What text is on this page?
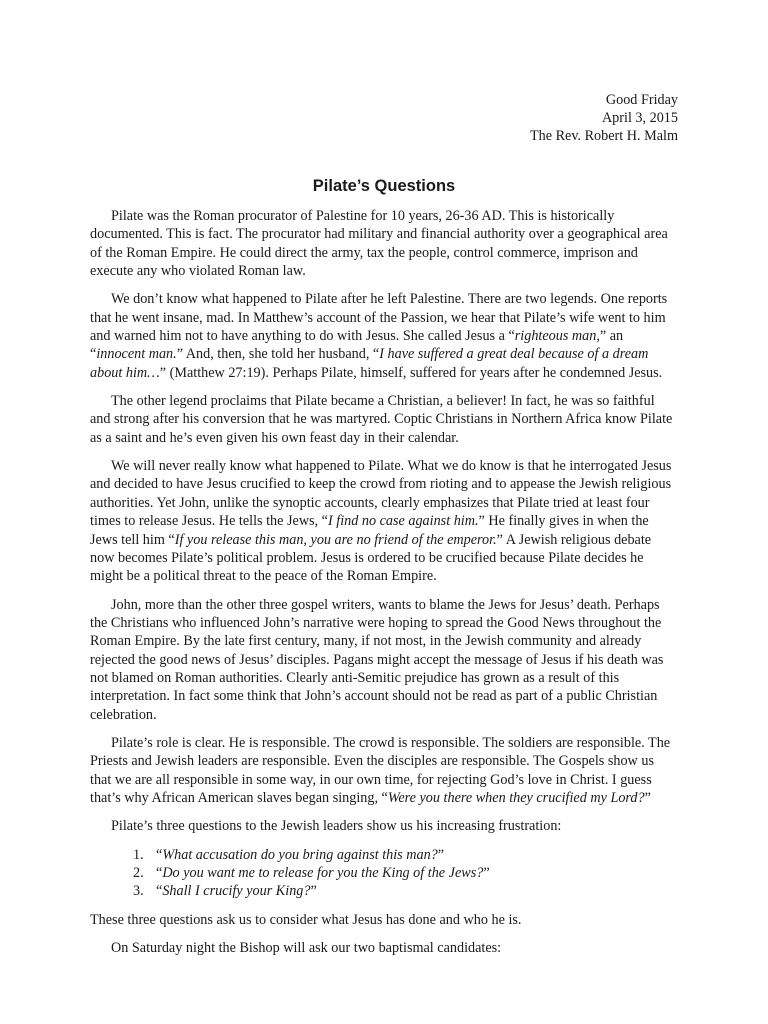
Good Friday
April 3, 2015
The Rev. Robert H. Malm
Pilate’s Questions

Pilate was the Roman procurator of Palestine for 10 years, 26-36 AD. This is historically documented. This is fact. The procurator had military and financial authority over a geographical area of the Roman Empire. He could direct the army, tax the people, control commerce, imprison and execute any who violated Roman law.

We don’t know what happened to Pilate after he left Palestine. There are two legends. One reports that he went insane, mad. In Matthew’s account of the Passion, we hear that Pilate’s wife went to him and warned him not to have anything to do with Jesus. She called Jesus a “righteous man,” an “innocent man.” And, then, she told her husband, “I have suffered a great deal because of a dream about him…” (Matthew 27:19). Perhaps Pilate, himself, suffered for years after he condemned Jesus.

The other legend proclaims that Pilate became a Christian, a believer! In fact, he was so faithful and strong after his conversion that he was martyred. Coptic Christians in Northern Africa know Pilate as a saint and he’s even given his own feast day in their calendar.

We will never really know what happened to Pilate. What we do know is that he interrogated Jesus and decided to have Jesus crucified to keep the crowd from rioting and to appease the Jewish religious authorities. Yet John, unlike the synoptic accounts, clearly emphasizes that Pilate tried at least four times to release Jesus. He tells the Jews, “I find no case against him.” He finally gives in when the Jews tell him “If you release this man, you are no friend of the emperor.” A Jewish religious debate now becomes Pilate’s political problem. Jesus is ordered to be crucified because Pilate decides he might be a political threat to the peace of the Roman Empire.

John, more than the other three gospel writers, wants to blame the Jews for Jesus’ death. Perhaps the Christians who influenced John’s narrative were hoping to spread the Good News throughout the Roman Empire. By the late first century, many, if not most, in the Jewish community and already rejected the good news of Jesus’ disciples. Pagans might accept the message of Jesus if his death was not blamed on Roman authorities. Clearly anti-Semitic prejudice has grown as a result of this interpretation. In fact some think that John’s account should not be read as part of a public Christian celebration.

Pilate’s role is clear. He is responsible. The crowd is responsible. The soldiers are responsible. The Priests and Jewish leaders are responsible. Even the disciples are responsible. The Gospels show us that we are all responsible in some way, in our own time, for rejecting God’s love in Christ. I guess that’s why African American slaves began singing, “Were you there when they crucified my Lord?”

Pilate’s three questions to the Jewish leaders show us his increasing frustration:

1. “What accusation do you bring against this man?”
2. “Do you want me to release for you the King of the Jews?”
3. “Shall I crucify your King?”

These three questions ask us to consider what Jesus has done and who he is.

On Saturday night the Bishop will ask our two baptismal candidates:
